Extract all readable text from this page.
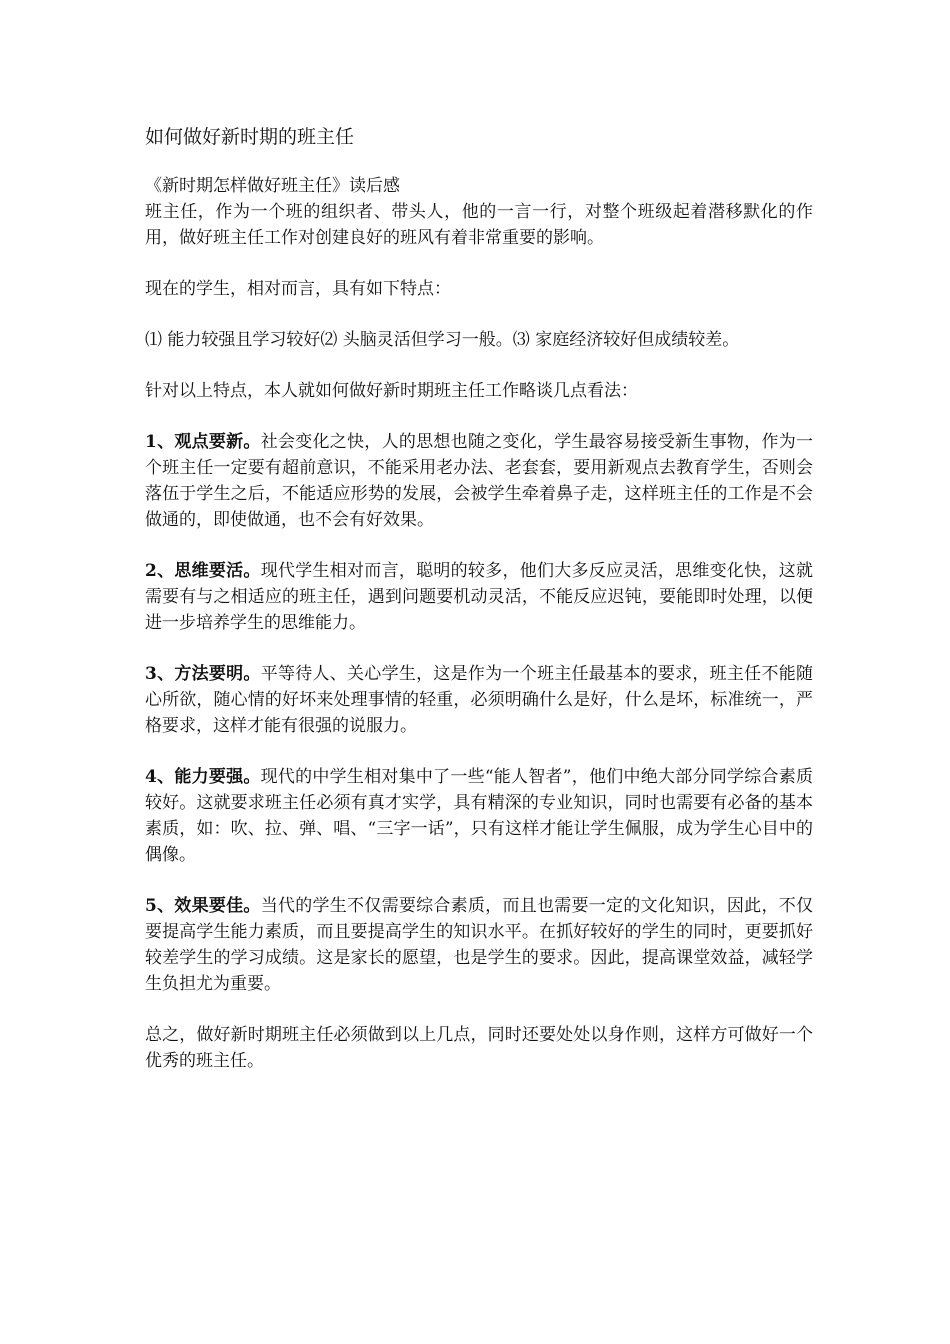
如何做好新时期的班主任
《新时期怎样做好班主任》读后感

班主任，作为一个班的组织者、带头人，他的一言一行，对整个班级起着潜移默化的作用，做好班主任工作对创建良好的班风有着非常重要的影响。

现在的学生，相对而言，具有如下特点：

⑴ 能力较强且学习较好⑵ 头脑灵活但学习一般。⑶ 家庭经济较好但成绩较差。

针对以上特点，本人就如何做好新时期班主任工作略谈几点看法：

1、观点要新。社会变化之快，人的思想也随之变化，学生最容易接受新生事物，作为一个班主任一定要有超前意识，不能采用老办法、老套套，要用新观点去教育学生，否则会落伍于学生之后，不能适应形势的发展，会被学生牵着鼻子走，这样班主任的工作是不会做通的，即使做通，也不会有好效果。

2、思维要活。现代学生相对而言，聪明的较多，他们大多反应灵活，思维变化快，这就需要有与之相适应的班主任，遇到问题要机动灵活，不能反应迟钝，要能即时处理，以便进一步培养学生的思维能力。

3、方法要明。平等待人、关心学生，这是作为一个班主任最基本的要求，班主任不能随心所欲，随心情的好坏来处理事情的轻重，必须明确什么是好，什么是坏，标准统一，严格要求，这样才能有很强的说服力。

4、能力要强。现代的中学生相对集中了一些“能人智者”，他们中绝大部分同学综合素质较好。这就要求班主任必须有真才实学，具有精深的专业知识，同时也需要有必备的基本素质，如：吹、拉、弹、唱、“三字一话”，只有这样才能让学生佩服，成为学生心目中的偶像。

5、效果要佳。当代的学生不仅需要综合素质，而且也需要一定的文化知识，因此，不仅要提高学生能力素质，而且要提高学生的知识水平。在抓好较好的学生的同时，更要抓好较差学生的学习成绩。这是家长的愿望，也是学生的要求。因此，提高课堂效益，减轻学生负担尤为重要。

总之，做好新时期班主任必须做到以上几点，同时还要处处以身作则，这样方可做好一个优秀的班主任。
